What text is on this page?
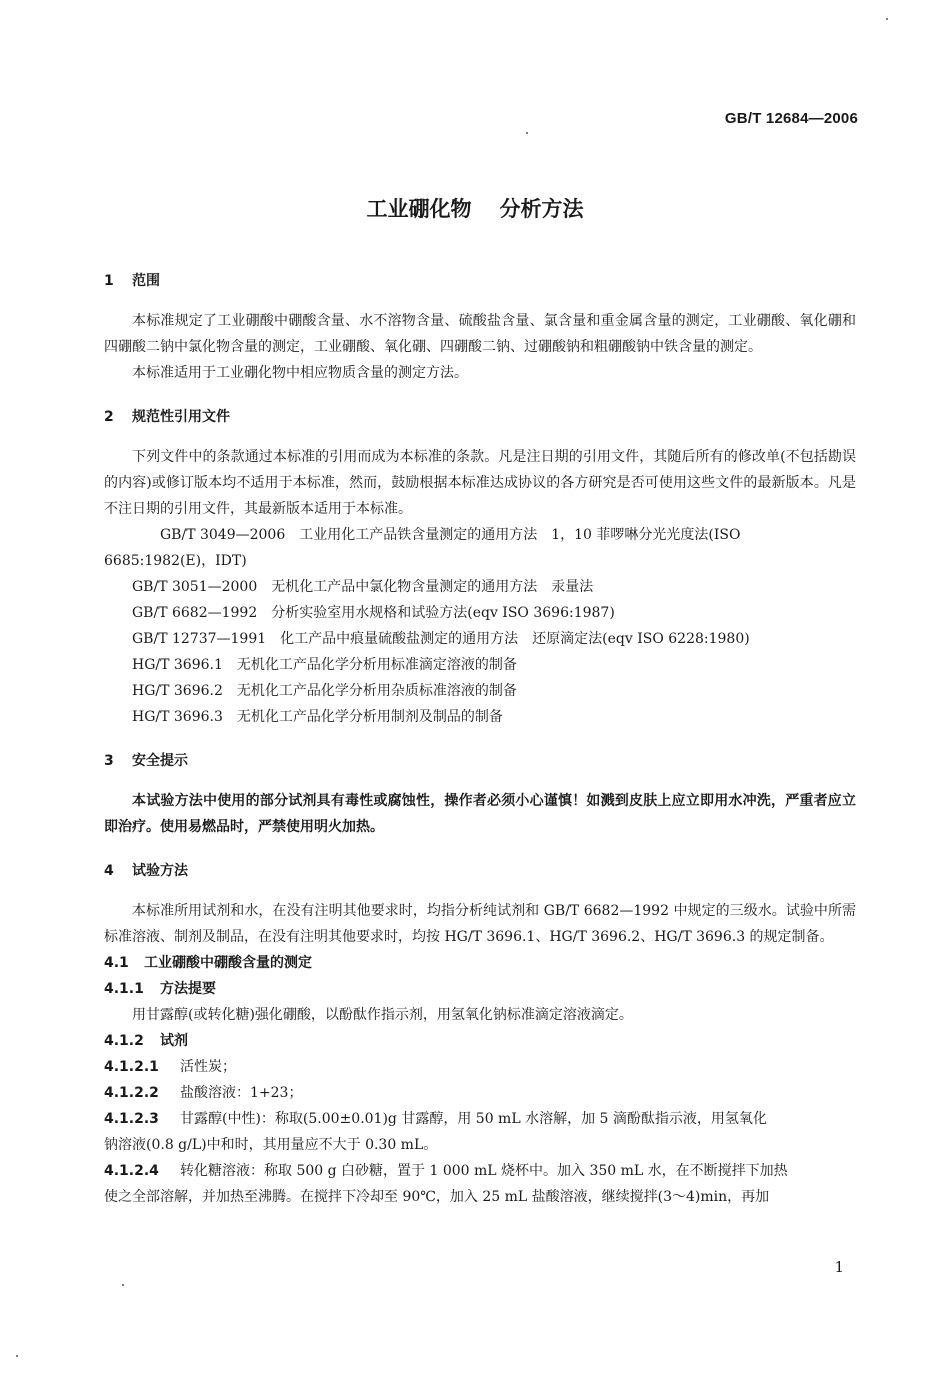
GB/T 12684—2006
工业硼化物 分析方法
1 范围

本标准规定了工业硼酸中硼酸含量、水不溶物含量、硫酸盐含量、氯含量和重金属含量的测定，工业硼酸、氧化硼和四硼酸二钠中氯化物含量的测定，工业硼酸、氧化硼、四硼酸二钠、过硼酸钠和粗硼酸钠中铁含量的测定。

本标准适用于工业硼化物中相应物质含量的测定方法。

2 规范性引用文件

下列文件中的条款通过本标准的引用而成为本标准的条款。凡是注日期的引用文件，其随后所有的修改单(不包括勘误的内容)或修订版本均不适用于本标准，然而，鼓励根据本标准达成协议的各方研究是否可使用这些文件的最新版本。凡是不注日期的引用文件，其最新版本适用于本标准。

GB/T 3049—2006 工业用化工产品铁含量测定的通用方法　1，10 菲啰啉分光光度法(ISO 6685:1982(E)，IDT)
GB/T 3051—2000 无机化工产品中氯化物含量测定的通用方法　汞量法
GB/T 6682—1992 分析实验室用水规格和试验方法(eqv ISO 3696:1987)
GB/T 12737—1991 化工产品中痕量硫酸盐测定的通用方法　还原滴定法(eqv ISO 6228:1980)
HG/T 3696.1 无机化工产品化学分析用标准滴定溶液的制备
HG/T 3696.2 无机化工产品化学分析用杂质标准溶液的制备
HG/T 3696.3 无机化工产品化学分析用制剂及制品的制备
3 安全提示

本试验方法中使用的部分试剂具有毒性或腐蚀性，操作者必须小心谨慎！如溅到皮肤上应立即用水冲洗，严重者应立即治疗。使用易燃品时，严禁使用明火加热。

4 试验方法

本标准所用试剂和水，在没有注明其他要求时，均指分析纯试剂和 GB/T 6682—1992 中规定的三级水。试验中所需标准溶液、制剂及制品，在没有注明其他要求时，均按 HG/T 3696.1、HG/T 3696.2、HG/T 3696.3 的规定制备。

4.1 工业硼酸中硼酸含量的测定
4.1.1 方法提要

用甘露醇(或转化糖)强化硼酸，以酚酞作指示剂，用氢氧化钠标准滴定溶液滴定。

4.1.2 试剂
4.1.2.1 活性炭；
4.1.2.2 盐酸溶液：1+23；
4.1.2.3 甘露醇(中性)：称取(5.00±0.01)g 甘露醇，用 50 mL 水溶解，加 5 滴酚酞指示液，用氢氧化

钠溶液(0.8 g/L)中和时，其用量应不大于 0.30 mL。

4.1.2.4 转化糖溶液：称取 500 g 白砂糖，置于 1 000 mL 烧杯中。加入 350 mL 水，在不断搅拌下加热

使之全部溶解，并加热至沸腾。在搅拌下冷却至 90℃，加入 25 mL 盐酸溶液，继续搅拌(3～4)min，再加

1
